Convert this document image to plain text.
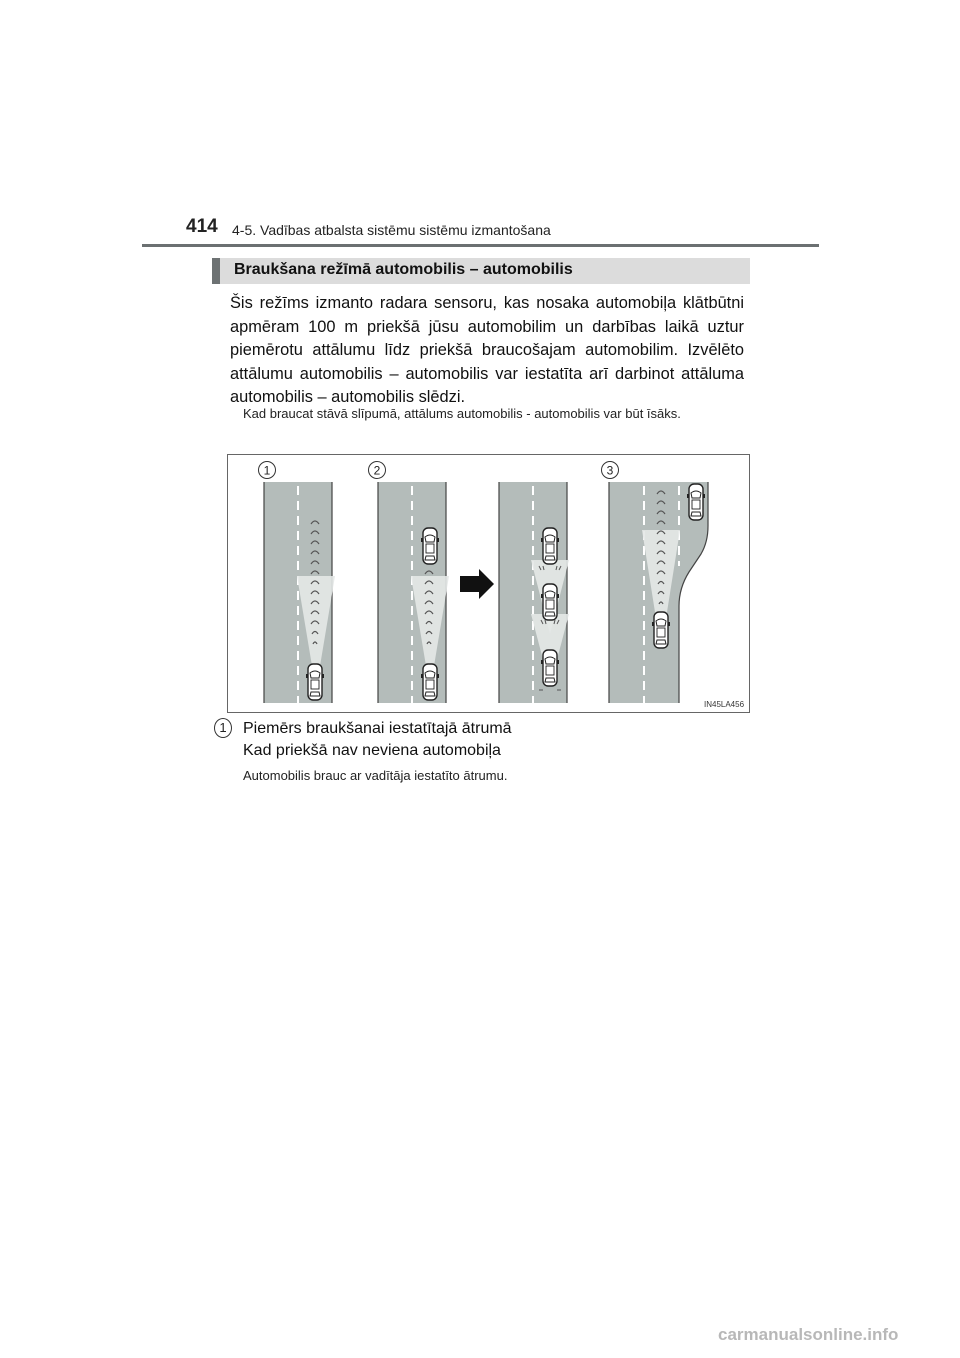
414 4-5. Vadības atbalsta sistēmu sistēmu izmantošana
Braukšana režīmā automobilis – automobilis

Šis režīms izmanto radara sensoru, kas nosaka automobiļa klātbūtni apmēram 100 m priekšā jūsu automobilim un darbības laikā uztur piemērotu attālumu līdz priekšā braucošajam automobilim. Izvēlēto attālumu automobilis – automobilis var iestatīta arī darbinot attāluma automobilis – automobilis slēdzi.

Kad braucat stāvā slīpumā, attālums automobilis - automobilis var būt īsāks.

1	2	3
IN45LA456
1	Piemērs braukšanai iestatītajā ātrumā
Kad priekšā nav neviena automobiļa
Automobilis brauc ar vadītāja iestatīto ātrumu.
carmanualsonline.info
